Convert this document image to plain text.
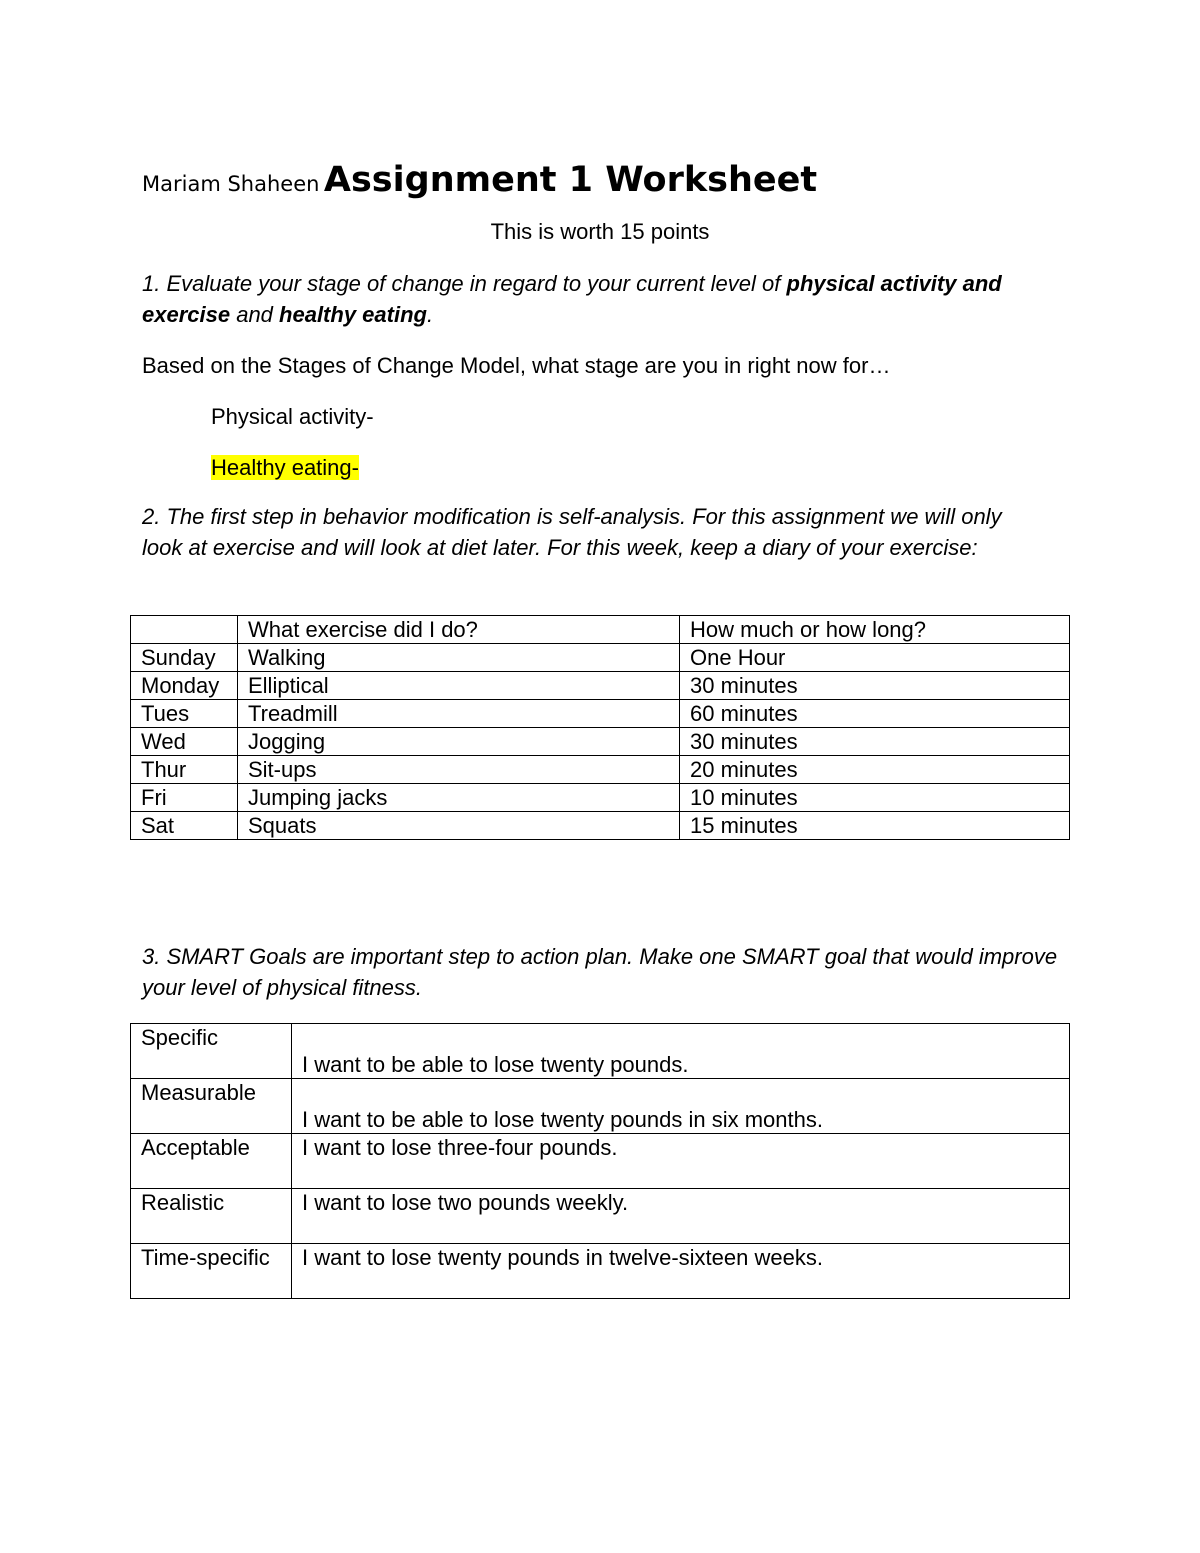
Mariam Shaheen Assignment 1 Worksheet
This is worth 15 points
1. Evaluate your stage of change in regard to your current level of physical activity and exercise and healthy eating.
Based on the Stages of Change Model, what stage are you in right now for…
Physical activity-
Healthy eating-
2. The first step in behavior modification is self-analysis. For this assignment we will only look at exercise and will look at diet later. For this week, keep a diary of your exercise:
	What exercise did I do?	How much or how long?
Sunday	Walking	One Hour
Monday	Elliptical	30 minutes
Tues	Treadmill	60 minutes
Wed	Jogging	30 minutes
Thur	Sit-ups	20 minutes
Fri	Jumping jacks	10 minutes
Sat	Squats	15 minutes
3. SMART Goals are important step to action plan. Make one SMART goal that would improve your level of physical fitness.
Specific	I want to be able to lose twenty pounds.
Measurable	I want to be able to lose twenty pounds in six months.
Acceptable	I want to lose three-four pounds.
Realistic	I want to lose two pounds weekly.
Time-specific	I want to lose twenty pounds in twelve-sixteen weeks.
